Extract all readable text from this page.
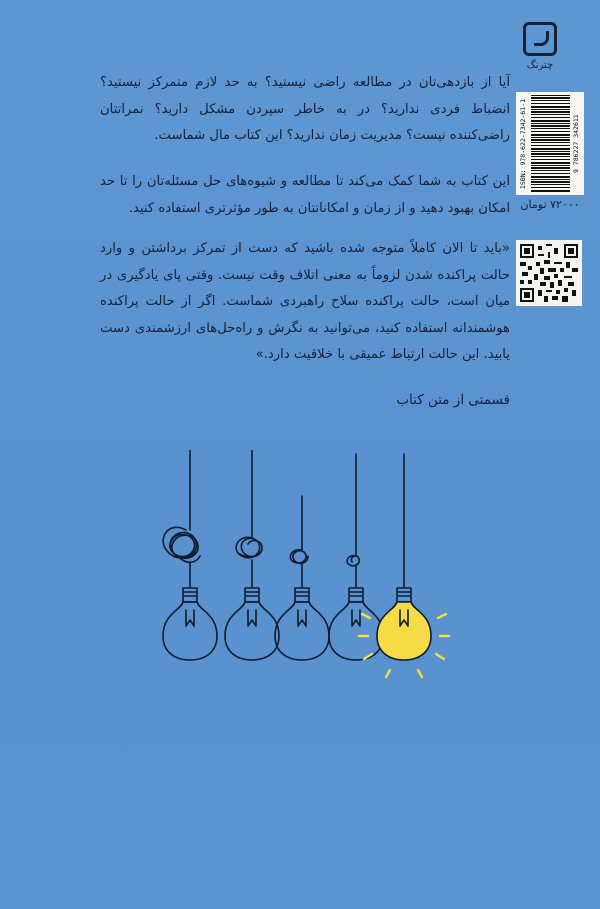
چترنگ
ISBN: 978-622-7342-61-1	9 786227 342611
۷۲۰۰۰ تومان
آیا از بازدهی‌تان در مطالعه راضی نیستید؟ به حد لازم متمرکز نیستید؟ انضباط فردی ندارید؟ در به خاطر سپردن مشکل دارید؟ نمراتتان راضی‌کننده نیست؟ مدیریت زمان ندارید؟ این کتاب مال شماست.
این کتاب به شما کمک می‌کند تا مطالعه و شیوه‌های حل مسئله‌تان را تا حد امکان بهبود دهید و از زمان و امکاناتتان به طور مؤثرتری استفاده کنید.
«باید تا الان کاملاً متوجه شده باشید که دست از تمرکز برداشتن و وارد حالت پراکنده شدن لزوماً به معنی اتلاف وقت نیست. وقتی پای یادگیری در میان است، حالت پراکنده سلاح راهبردی شماست. اگر از حالت پراکنده هوشمندانه استفاده کنید، می‌توانید به نگرش و راه‌حل‌های ارزشمندی دست یابید. این حالت ارتباط عمیقی با خلاقیت دارد.»
قسمتی از متن کتاب
